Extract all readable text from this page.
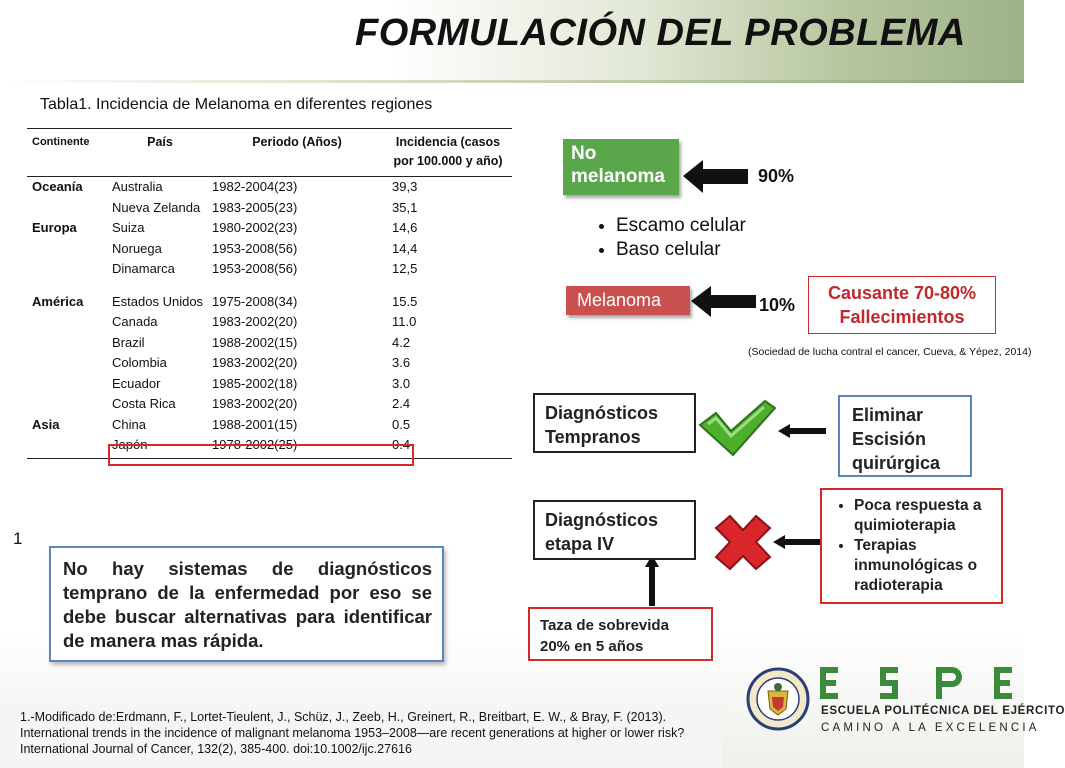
FORMULACIÓN DEL PROBLEMA
Tabla1. Incidencia de Melanoma en diferentes regiones
Continente	País	Periodo (Años)	Incidencia (casos por 100.000 y año)
Oceanía	Australia	1982-2004(23)	39,3
	Nueva Zelanda	1983-2005(23)	35,1
Europa	Suiza	1980-2002(23)	14,6
	Noruega	1953-2008(56)	14,4
	Dinamarca	1953-2008(56)	12,5

América	Estados Unidos	1975-2008(34)	15.5
	Canada	1983-2002(20)	11.0
	Brazil	1988-2002(15)	4.2
	Colombia	1983-2002(20)	3.6
	Ecuador	1985-2002(18)	3.0
	Costa Rica	1983-2002(20)	2.4
Asia	China	1988-2001(15)	0.5
	Japón	1978-2002(25)	0.4
1
No melanoma	90%
• Escamo celular
• Baso celular
Melanoma	10%
Causante 70-80%
Fallecimientos
(Sociedad de lucha contral el cancer, Cueva, & Yépez, 2014)
Diagnósticos Tempranos
Eliminar Escisión quirúrgica
Diagnósticos etapa IV
• Poca respuesta a quimioterapia
• Terapias inmunológicas o radioterapia
Taza de sobrevida 20% en 5 años
No hay sistemas de diagnósticos temprano de la enfermedad por eso se debe buscar alternativas para identificar de manera mas rápida.
1.-Modificado de:Erdmann, F., Lortet-Tieulent, J., Schüz, J., Zeeb, H., Greinert, R., Breitbart, E. W., & Bray, F. (2013). International trends in the incidence of malignant melanoma 1953–2008—are recent generations at higher or lower risk? International Journal of Cancer, 132(2), 385-400. doi:10.1002/ijc.27616
ESCUELA POLITÉCNICA DEL EJÉRCITO
CAMINO A LA EXCELENCIA
